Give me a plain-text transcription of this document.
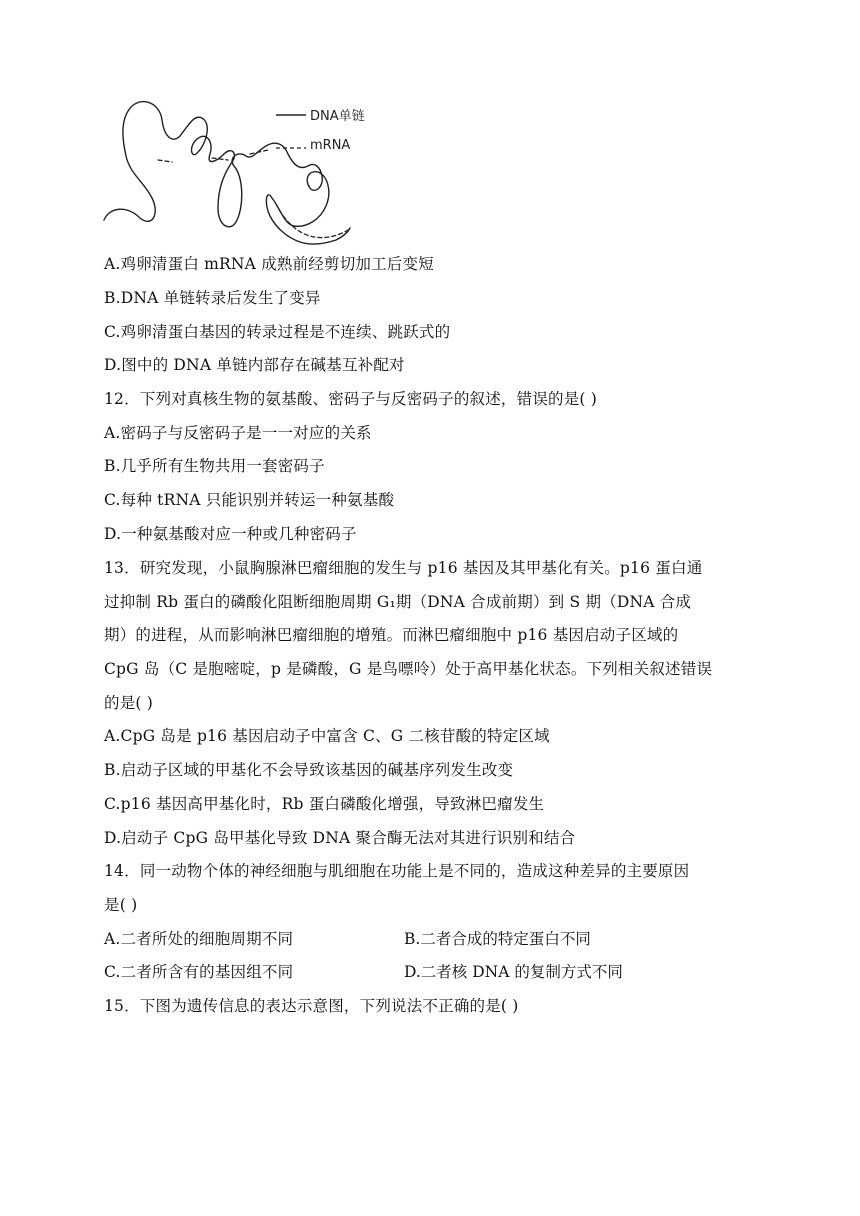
DNA单链
mRNA
A.鸡卵清蛋白 mRNA 成熟前经剪切加工后变短
B.DNA 单链转录后发生了变异
C.鸡卵清蛋白基因的转录过程是不连续、跳跃式的
D.图中的 DNA 单链内部存在碱基互补配对
12．下列对真核生物的氨基酸、密码子与反密码子的叙述，错误的是( )
A.密码子与反密码子是一一对应的关系
B.几乎所有生物共用一套密码子
C.每种 tRNA 只能识别并转运一种氨基酸
D.一种氨基酸对应一种或几种密码子
13．研究发现，小鼠胸腺淋巴瘤细胞的发生与 p16 基因及其甲基化有关。p16 蛋白通
过抑制 Rb 蛋白的磷酸化阻断细胞周期 G₁期（DNA 合成前期）到 S 期（DNA 合成
期）的进程，从而影响淋巴瘤细胞的增殖。而淋巴瘤细胞中 p16 基因启动子区域的
CpG 岛（C 是胞嘧啶，p 是磷酸，G 是鸟嘌呤）处于高甲基化状态。下列相关叙述错误
的是( )
A.CpG 岛是 p16 基因启动子中富含 C、G 二核苷酸的特定区域
B.启动子区域的甲基化不会导致该基因的碱基序列发生改变
C.p16 基因高甲基化时，Rb 蛋白磷酸化增强，导致淋巴瘤发生
D.启动子 CpG 岛甲基化导致 DNA 聚合酶无法对其进行识别和结合
14．同一动物个体的神经细胞与肌细胞在功能上是不同的，造成这种差异的主要原因
是( )
A.二者所处的细胞周期不同	B.二者合成的特定蛋白不同
C.二者所含有的基因组不同	D.二者核 DNA 的复制方式不同
15．下图为遗传信息的表达示意图，下列说法不正确的是( )
